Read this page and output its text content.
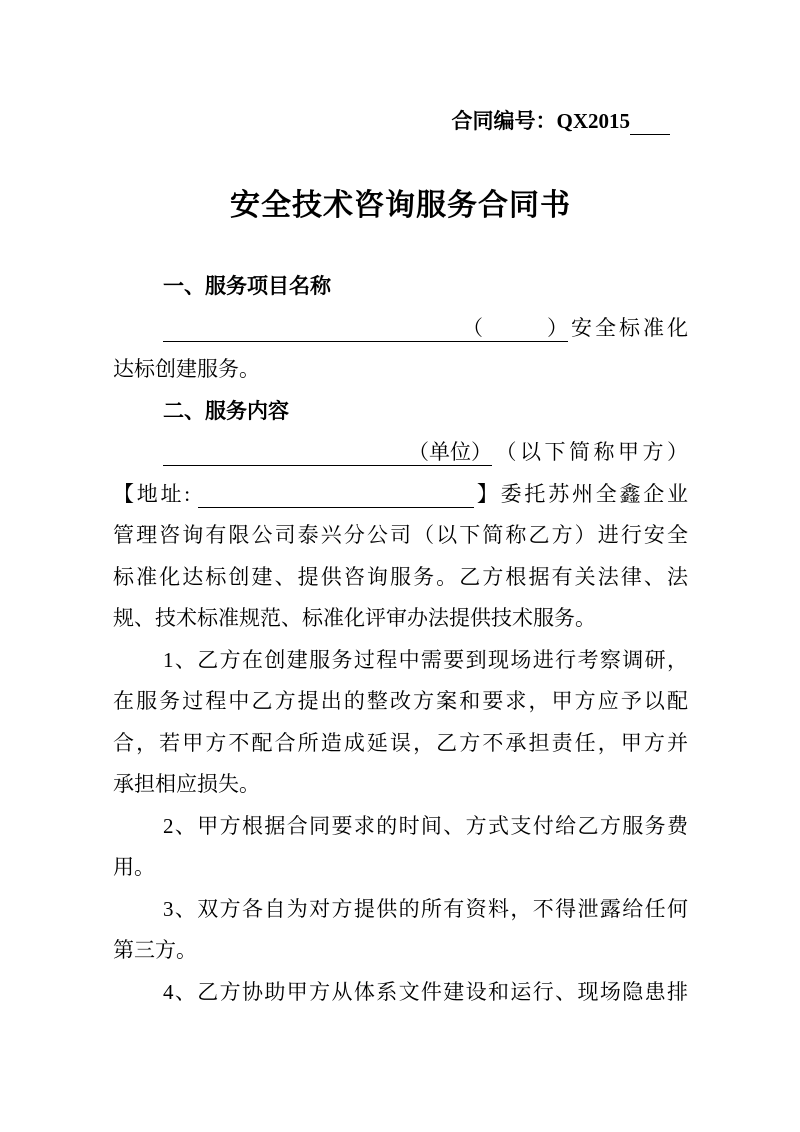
合同编号：QX2015
安全技术咨询服务合同书
一、服务项目名称
（	）安全标准化
达标创建服务。
二、服务内容
（单位）（以下简称甲方）
【地址:	】委托苏州全鑫企业
管理咨询有限公司泰兴分公司（以下简称乙方）进行安全
标准化达标创建、提供咨询服务。乙方根据有关法律、法
规、技术标准规范、标准化评审办法提供技术服务。
1、乙方在创建服务过程中需要到现场进行考察调研，
在服务过程中乙方提出的整改方案和要求，甲方应予以配
合，若甲方不配合所造成延误，乙方不承担责任，甲方并
承担相应损失。
2、甲方根据合同要求的时间、方式支付给乙方服务费
用。
3、双方各自为对方提供的所有资料，不得泄露给任何
第三方。
4、乙方协助甲方从体系文件建设和运行、现场隐患排
